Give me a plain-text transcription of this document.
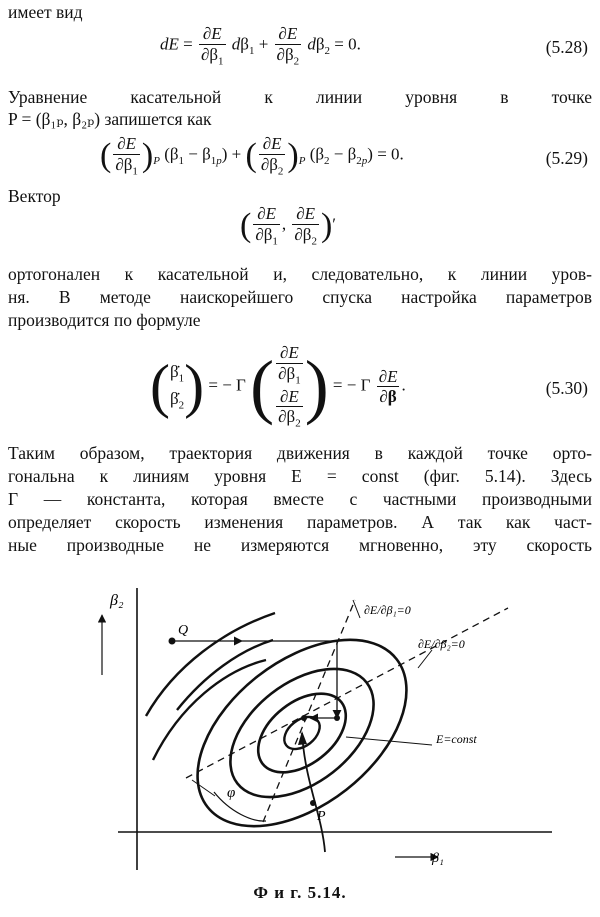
имеет вид
dE = $\frac{\partial E}{\partial\beta_1} d\beta_1 + \frac{\partial E}{\partial\beta_2} d\beta_2 = 0$.	(5.28)
Уравнение касательной к линии уровня в точке
P = (β₁ₚ, β₂ₚ) запишется как
( $\frac{\partial E}{\partial\beta_1} )_P$ $(\beta_1 - \beta_{1p})$ + ( $\frac{\partial E}{\partial\beta_2} )_P$ $(\beta_2 - \beta_{2p}) = 0$.	(5.29)
Вектор
( $\frac{\partial E}{\partial\beta_1}$ , $\frac{\partial E}{\partial\beta_2}$ )′
ортогонален к касательной и, следовательно, к линии уров-
ня. В методе наискорейшего спуска настройка параметров
производится по формуле
($\betȧ_1$
$\betȧ_2$) = − Γ ( ∂E
$\partial\beta_1$
∂E
$\partial\beta_2$ ) = − Γ $\frac{\partial E}{\partial\beta}$ .	(5.30)
Таким образом, траектория движения в каждой точке орто-
гональна к линиям уровня E = const (фиг. 5.14). Здесь
Γ — константа, которая вместе с частными производными
определяет скорость изменения параметров. А так как част-
ные производные не измеряются мгновенно, эту скорость
β₂
β₁
Q
P
φ
E=const
∂E/∂β₁=0
∂E/∂β₂=0
Ф и г. 5.14.
